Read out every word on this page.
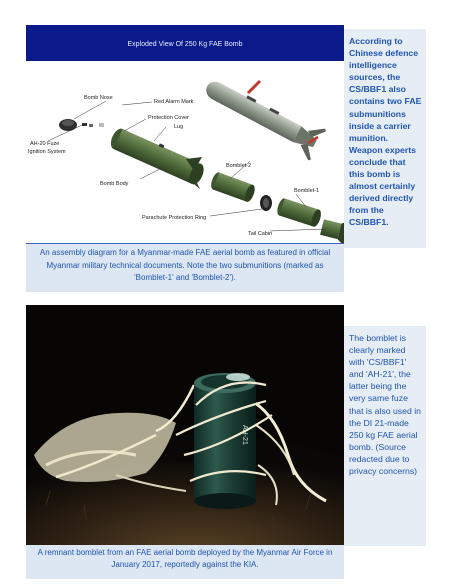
Exploded View Of 250 Kg FAE Bomb
Bomb Nose
Red Alarm Mark
Protection Cover
Lug
AH-20 Fuze
Ignition System
Bomb Body
Bomblet-2
Bomblet-1
Parachute Protection Ring
Tail Cabin

According to Chinese defence intelligence sources, the CS/BBF1 also contains two FAE submunitions inside a carrier munition. Weapon experts conclude that this bomb is almost certainly derived directly from the CS/BBF1.

An assembly diagram for a Myanmar-made FAE aerial bomb as featured in official Myanmar military technical documents. Note the two submunitions (marked as 'Bomblet-1' and 'Bomblet-2').

AH-21

The bomblet is clearly marked with 'CS/BBF1' and 'AH-21', the latter being the very same fuze that is also used in the DI 21-made 250 kg FAE aerial bomb. (Source redacted due to privacy concerns)

A remnant bomblet from an FAE aerial bomb deployed by the Myanmar Air Force in January 2017, reportedly against the KIA.
